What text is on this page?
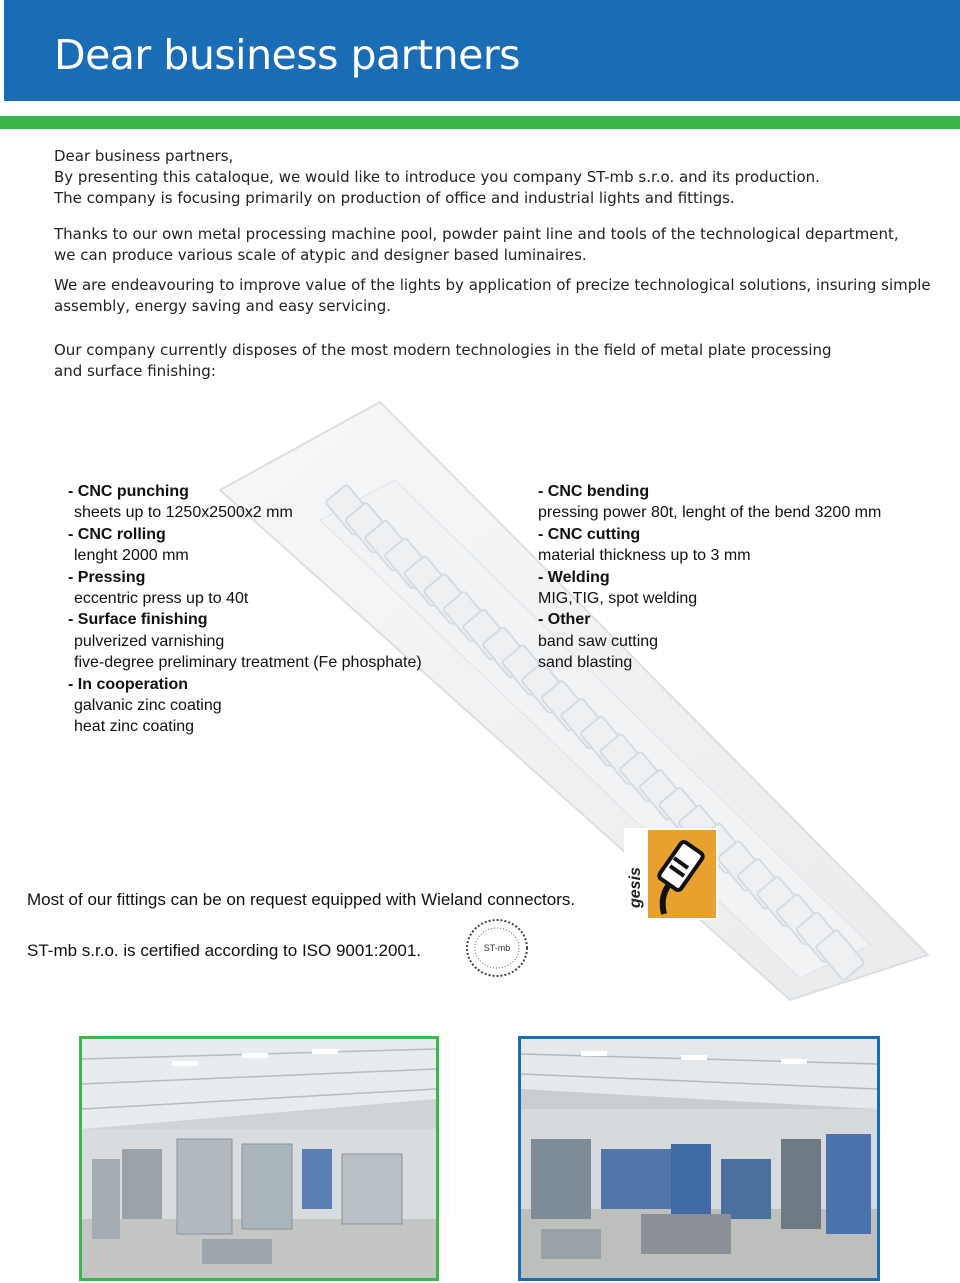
Dear business partners

Dear business partners,

By presenting this cataloque, we would like to introduce you company ST-mb s.r.o. and its production.

The company is focusing primarily on production of office and industrial lights and fittings.

Thanks to our own metal processing machine pool, powder paint line and tools of the technological department,

we can produce various scale of atypic and designer based luminaires.

We are endeavouring to improve value of the lights by application of precize technological solutions, insuring simple

assembly, energy saving and easy servicing.

Our company currently disposes of the most modern technologies in the field of metal plate processing

and surface finishing:

- CNC punching
sheets up to 1250x2500x2 mm
- CNC rolling
lenght 2000 mm
- Pressing
eccentric press up to 40t
- Surface finishing
pulverized varnishing
five-degree preliminary treatment (Fe phosphate)
- In cooperation
galvanic zinc coating
heat zinc coating
- CNC bending
pressing power 80t, lenght of the bend 3200 mm
- CNC cutting
material thickness up to 3 mm
- Welding
MIG,TIG, spot welding
- Other
band saw cutting
sand blasting
gesis
Most of our fittings can be on request equipped with Wieland connectors.
ST-mb s.r.o. is certified according to ISO 9001:2001.	ST-mb
